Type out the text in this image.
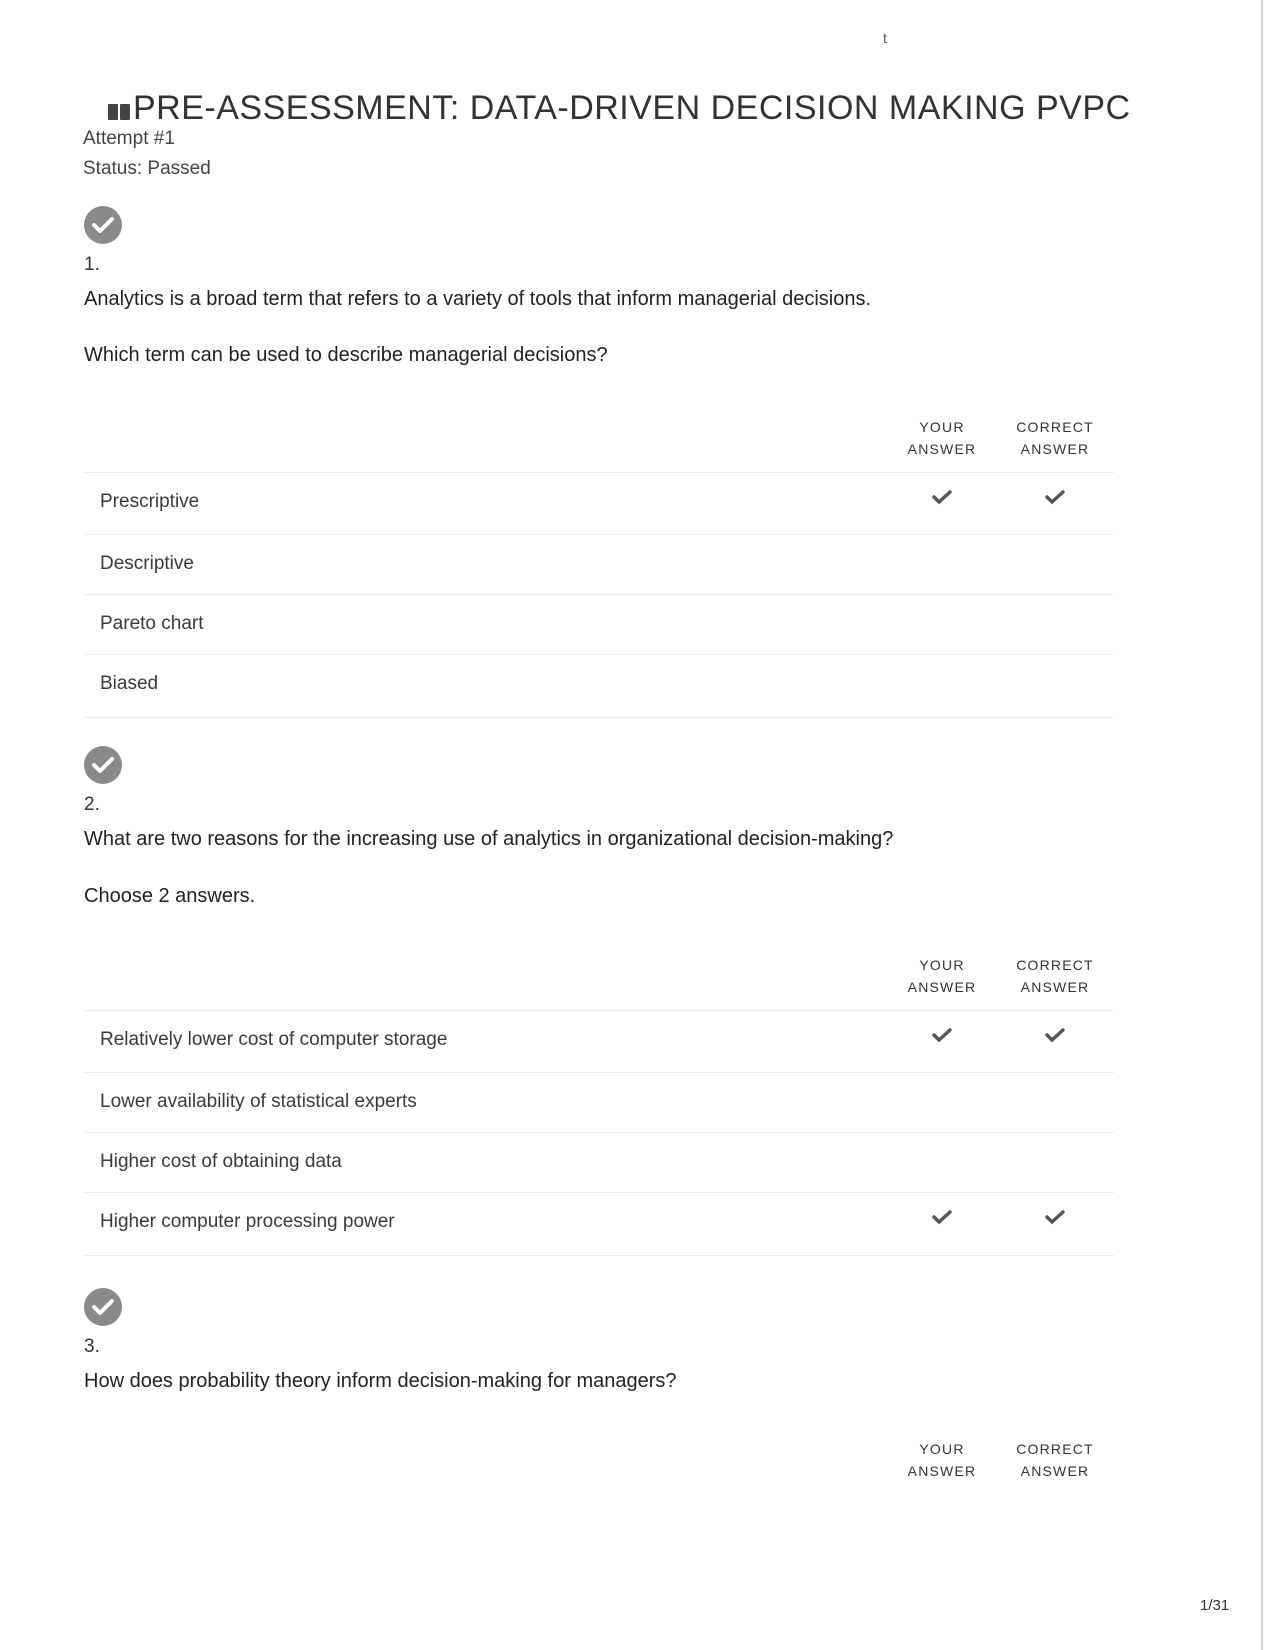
t
PRE-ASSESSMENT: DATA-DRIVEN DECISION MAKING PVPC
Attempt #1
Status: Passed
1.
Analytics is a broad term that refers to a variety of tools that inform managerial decisions.
Which term can be used to describe managerial decisions?
YOUR
ANSWER
CORRECT
ANSWER
Prescriptive
Descriptive
Pareto chart
Biased
2.
What are two reasons for the increasing use of analytics in organizational decision-making?
Choose 2 answers.
YOUR
ANSWER
CORRECT
ANSWER
Relatively lower cost of computer storage
Lower availability of statistical experts
Higher cost of obtaining data
Higher computer processing power
3.
How does probability theory inform decision-making for managers?
YOUR
ANSWER
CORRECT
ANSWER
1/31
